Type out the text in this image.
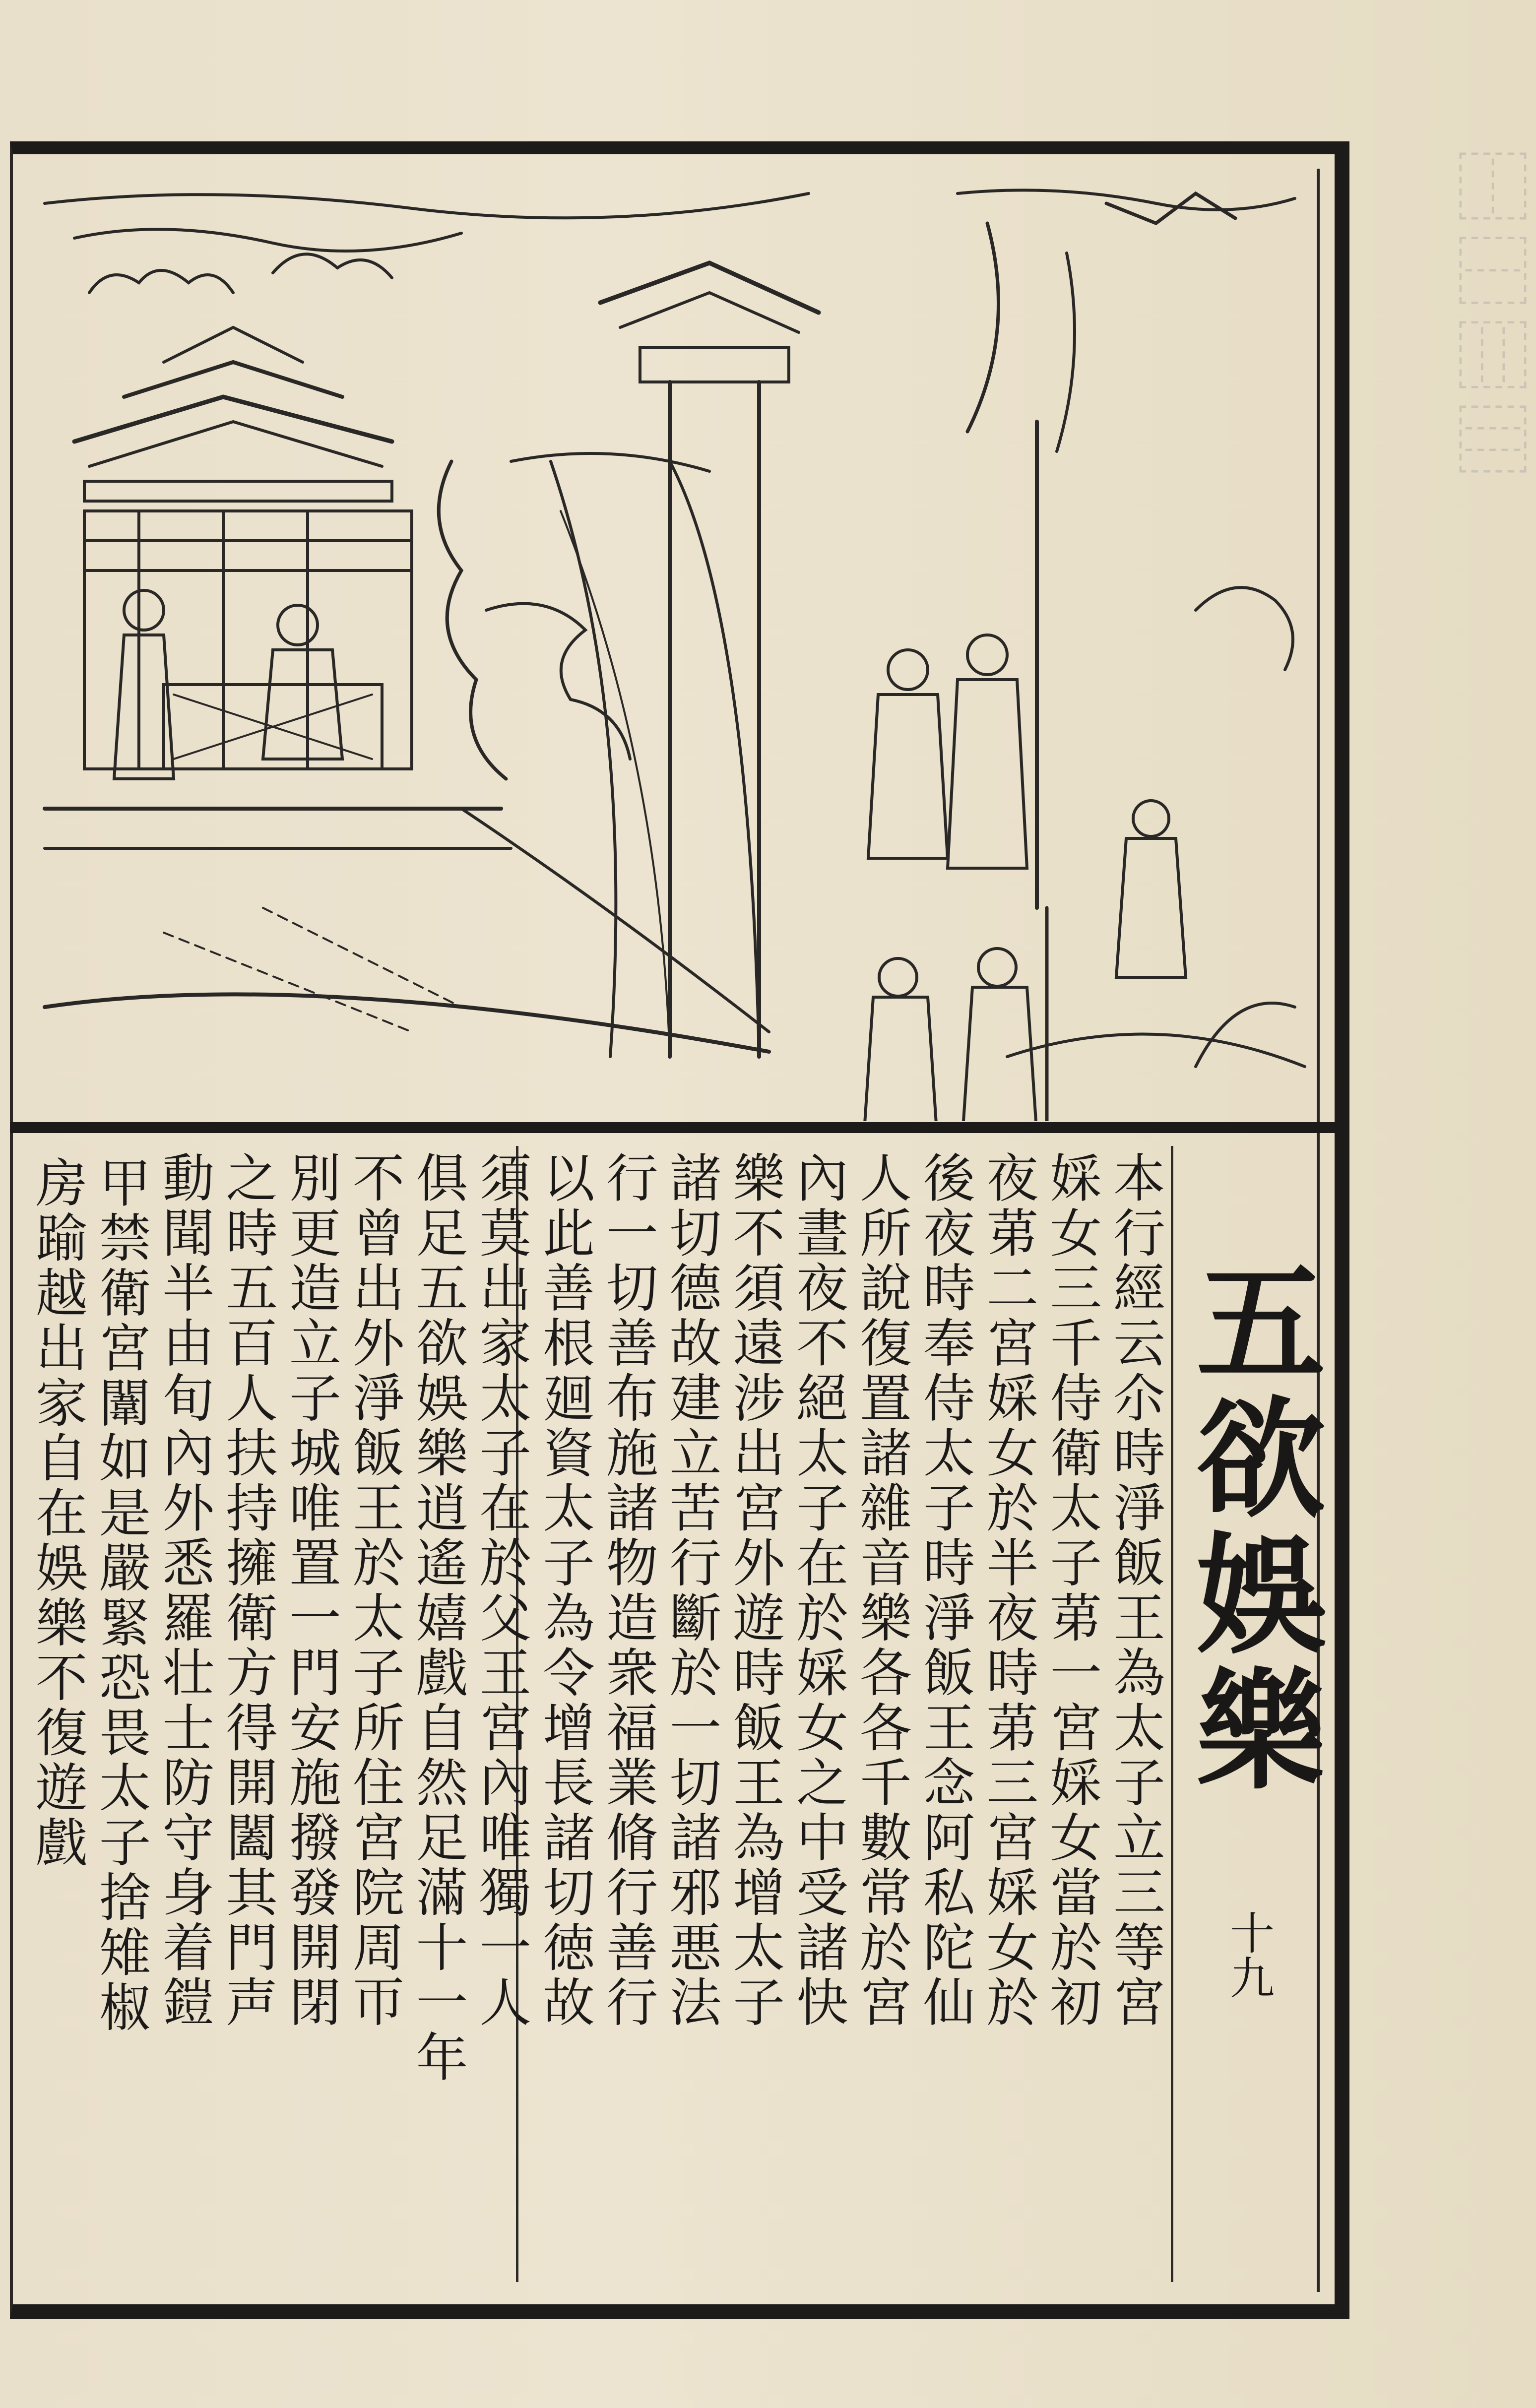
⿰⿱⿲⿳
五欲娛樂
十九
本行經云尒時淨飯王為太子立三等宮
婇女三千侍衛太子苐一宮婇女當於初
夜苐二宮婇女於半夜時苐三宮婇女於
後夜時奉侍太子時淨飯王念阿私陀仙
人所說復置諸雜音樂各各千數常於宮
內晝夜不絕太子在於婇女之中受諸快
樂不須遠涉出宮外遊時飯王為增太子
諸切德故建立苦行斷於一切諸邪悪法
行一切善布施諸物造衆福業脩行善行
以此善根廻資太子為令增長諸切徳故
須莫出家太子在於父王宮內唯獨一人
俱足五欲娛樂逍遙嬉戲自然足滿十一年
不曾出外淨飯王於太子所住宮院周帀
別更造立子城唯置一門安施撥發開閉
之時五百人扶持擁衛方得開闔其門声
動聞半由旬內外悉羅壮士防守身着鎧
甲禁衛宮闈如是嚴緊恐畏太子捨雉椒
房踰越出家自在娛樂不復遊戲
